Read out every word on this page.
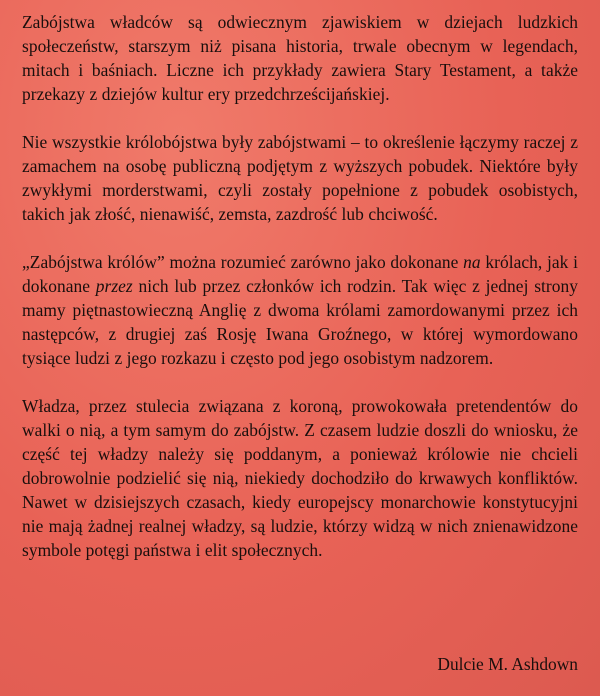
Zabójstwa władców są odwiecznym zjawiskiem w dziejach ludzkich społeczeństw, starszym niż pisana historia, trwale obecnym w legendach, mitach i baśniach. Liczne ich przykłady zawiera Stary Testament, a także przekazy z dziejów kultur ery przedchrześcijańskiej.

Nie wszystkie królobójstwa były zabójstwami – to określenie łączymy raczej z zamachem na osobę publiczną podjętym z wyższych pobudek. Niektóre były zwykłymi morderstwami, czyli zostały popełnione z pobudek osobistych, takich jak złość, nienawiść, zemsta, zazdrość lub chciwość.

„Zabójstwa królów” można rozumieć zarówno jako dokonane na królach, jak i dokonane przez nich lub przez członków ich rodzin. Tak więc z jednej strony mamy piętnastowieczną Anglię z dwoma królami zamordowanymi przez ich następców, z drugiej zaś Rosję Iwana Groźnego, w której wymordowano tysiące ludzi z jego rozkazu i często pod jego osobistym nadzorem.

Władza, przez stulecia związana z koroną, prowokowała pretendentów do walki o nią, a tym samym do zabójstw. Z czasem ludzie doszli do wniosku, że część tej władzy należy się poddanym, a ponieważ królowie nie chcieli dobrowolnie podzielić się nią, niekiedy dochodziło do krwawych konfliktów. Nawet w dzisiejszych czasach, kiedy europejscy monarchowie konstytucyjni nie mają żadnej realnej władzy, są ludzie, którzy widzą w nich znienawidzone symbole potęgi państwa i elit społecznych.

Dulcie M. Ashdown
